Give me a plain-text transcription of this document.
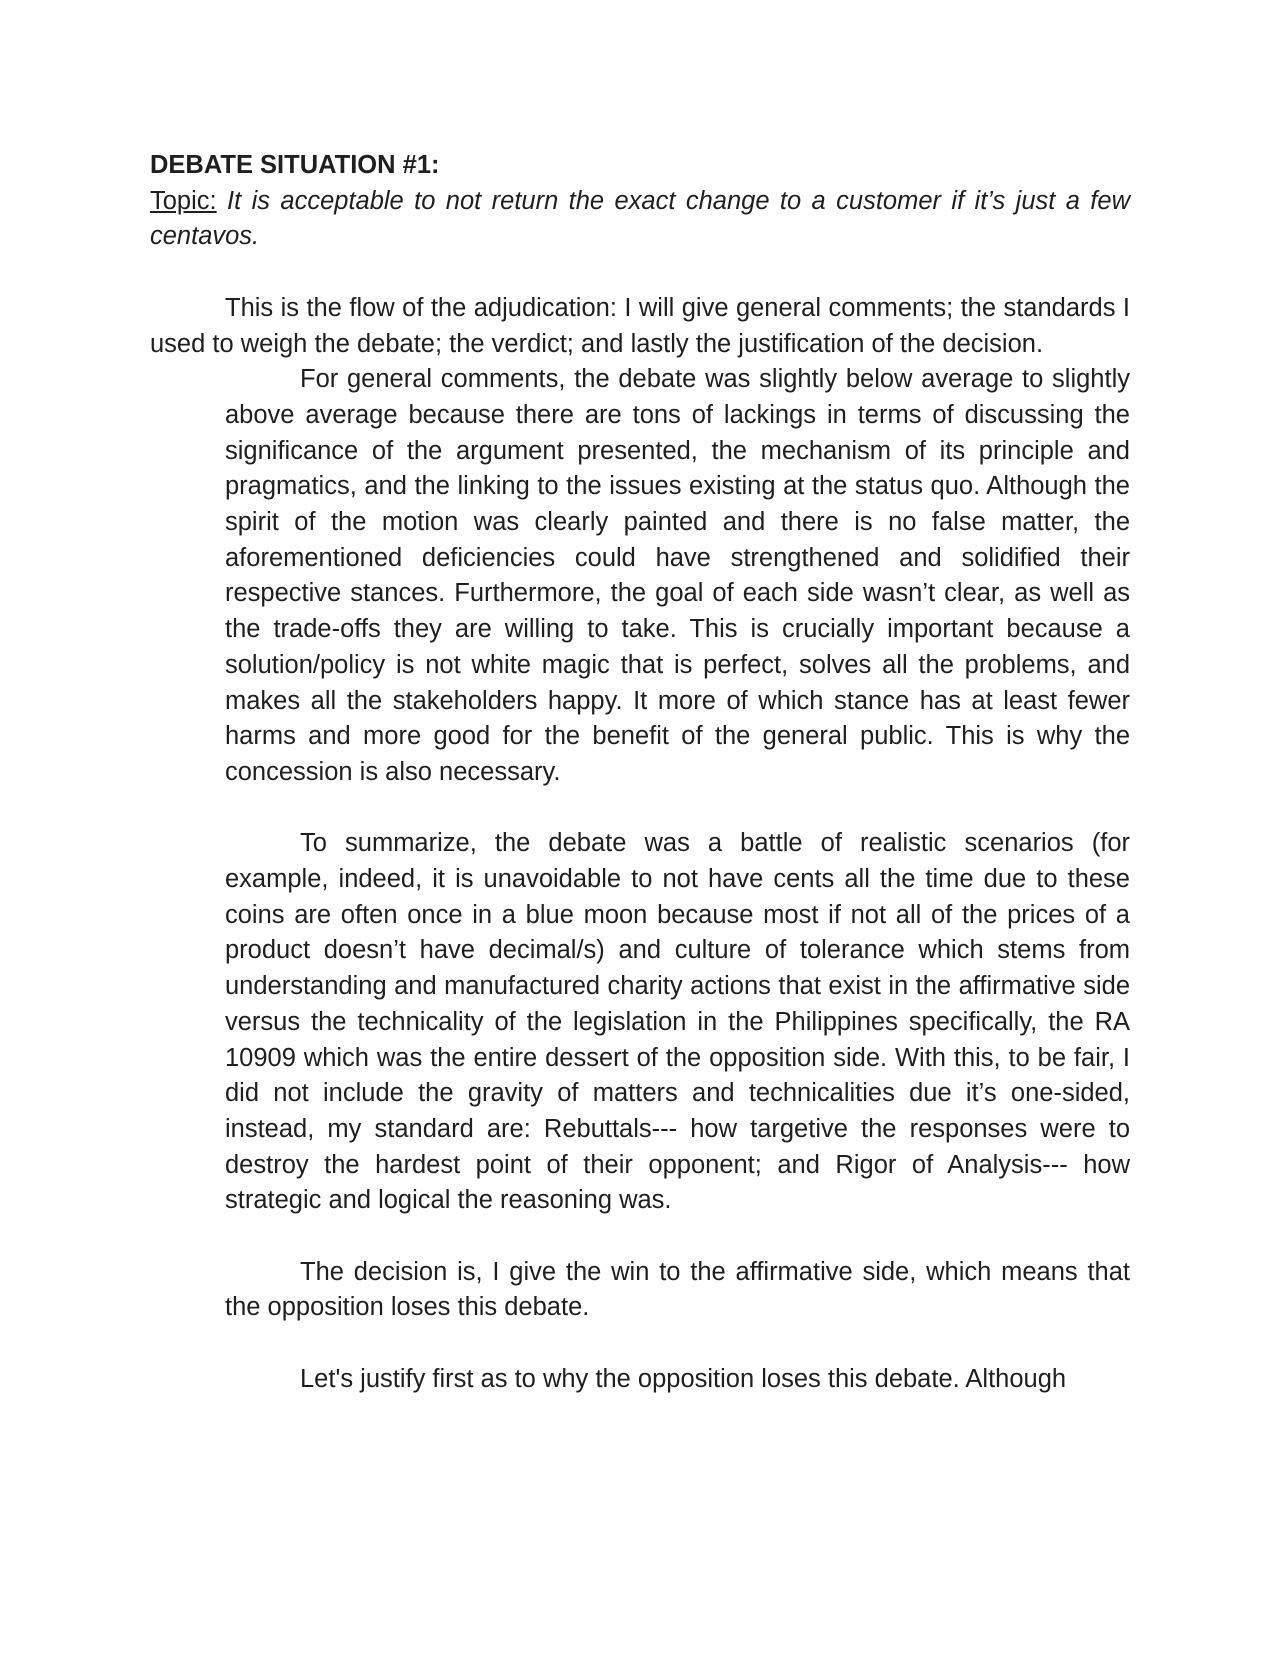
DEBATE SITUATION #1:

Topic: It is acceptable to not return the exact change to a customer if it’s just a few centavos.

This is the flow of the adjudication: I will give general comments; the standards I used to weigh the debate; the verdict; and lastly the justification of the decision.

For general comments, the debate was slightly below average to slightly above average because there are tons of lackings in terms of discussing the significance of the argument presented, the mechanism of its principle and pragmatics, and the linking to the issues existing at the status quo. Although the spirit of the motion was clearly painted and there is no false matter, the aforementioned deficiencies could have strengthened and solidified their respective stances. Furthermore, the goal of each side wasn’t clear, as well as the trade-offs they are willing to take. This is crucially important because a solution/policy is not white magic that is perfect, solves all the problems, and makes all the stakeholders happy. It more of which stance has at least fewer harms and more good for the benefit of the general public. This is why the concession is also necessary.

To summarize, the debate was a battle of realistic scenarios (for example, indeed, it is unavoidable to not have cents all the time due to these coins are often once in a blue moon because most if not all of the prices of a product doesn’t have decimal/s) and culture of tolerance which stems from understanding and manufactured charity actions that exist in the affirmative side versus the technicality of the legislation in the Philippines specifically, the RA 10909 which was the entire dessert of the opposition side. With this, to be fair, I did not include the gravity of matters and technicalities due it’s one-sided, instead, my standard are: Rebuttals--- how targetive the responses were to destroy the hardest point of their opponent; and Rigor of Analysis--- how strategic and logical the reasoning was.

The decision is, I give the win to the affirmative side, which means that the opposition loses this debate.

Let's justify first as to why the opposition loses this debate. Although
